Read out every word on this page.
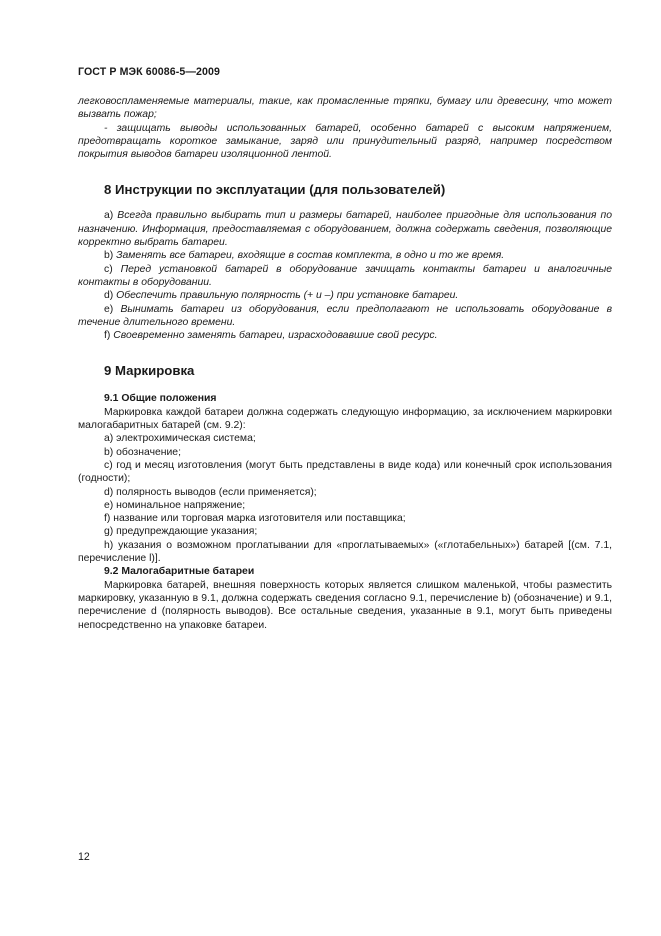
ГОСТ Р МЭК 60086-5—2009

легковоспламеняемые материалы, такие, как промасленные тряпки, бумагу или древесину, что может вызвать пожар;

- защищать выводы использованных батарей, особенно батарей с высоким напряжением, предотвращать короткое замыкание, заряд или принудительный разряд, например посредством покрытия выводов батареи изоляционной лентой.

8 Инструкции по эксплуатации (для пользователей)

a) Всегда правильно выбирать тип и размеры батарей, наиболее пригодные для использования по назначению. Информация, предоставляемая с оборудованием, должна содержать сведения, позволяющие корректно выбрать батареи.

b) Заменять все батареи, входящие в состав комплекта, в одно и то же время.

c) Перед установкой батарей в оборудование зачищать контакты батареи и аналогичные контакты в оборудовании.

d) Обеспечить правильную полярность (+ и –) при установке батареи.

e) Вынимать батареи из оборудования, если предполагают не использовать оборудование в течение длительного времени.

f) Своевременно заменять батареи, израсходовавшие свой ресурс.

9 Маркировка

9.1 Общие положения

Маркировка каждой батареи должна содержать следующую информацию, за исключением маркировки малогабаритных батарей (см. 9.2):

a) электрохимическая система;

b) обозначение;

c) год и месяц изготовления (могут быть представлены в виде кода) или конечный срок использования (годности);

d) полярность выводов (если применяется);

e) номинальное напряжение;

f) название или торговая марка изготовителя или поставщика;

g) предупреждающие указания;

h) указания о возможном проглатывании для «проглатываемых» («глотабельных») батарей [(см. 7.1, перечисление l)].

9.2 Малогабаритные батареи

Маркировка батарей, внешняя поверхность которых является слишком маленькой, чтобы разместить маркировку, указанную в 9.1, должна содержать сведения согласно 9.1, перечисление b) (обозначение) и 9.1, перечисление d (полярность выводов). Все остальные сведения, указанные в 9.1, могут быть приведены непосредственно на упаковке батареи.

12
